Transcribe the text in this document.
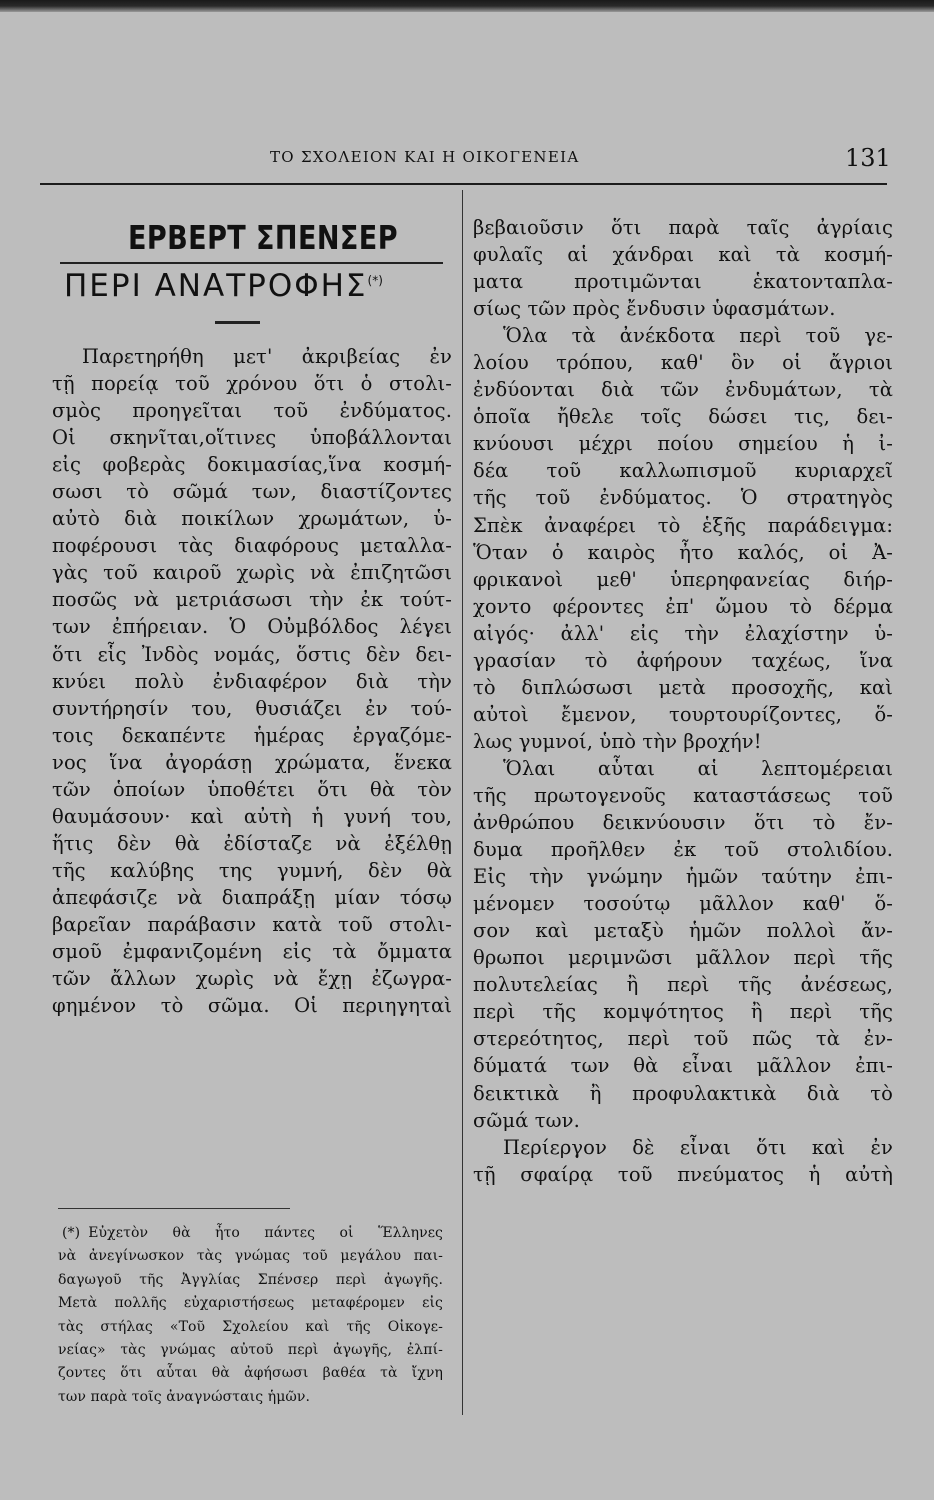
ΤΟ ΣΧΟΛΕΙΟΝ ΚΑΙ Η ΟΙΚΟΓΕΝΕΙΑ	131
ΕΡΒΕΡΤ ΣΠΕΝΣΕΡ
ΠΕΡΙ ΑΝΑΤΡΟΦΗΣ(*)
Παρετηρήθη μετ' ἀκριβείας ἐν
τῇ πορείᾳ τοῦ χρόνου ὅτι ὁ στολι-
σμὸς προηγεῖται τοῦ ἐνδύματος.
Οἱ σκηνῖται,οἵτινες ὑποβάλλονται
εἰς φοβερὰς δοκιμασίας,ἵνα κοσμή-
σωσι τὸ σῶμά των, διαστίζοντες
αὐτὸ διὰ ποικίλων χρωμάτων, ὑ-
ποφέρουσι τὰς διαφόρους μεταλλα-
γὰς τοῦ καιροῦ χωρὶς νὰ ἐπιζητῶσι
ποσῶς νὰ μετριάσωσι τὴν ἐκ τούτ-
των ἐπήρειαν. Ὁ Οὐμβόλδος λέγει
ὅτι εἷς Ἰνδὸς νομάς, ὅστις δὲν δει-
κνύει πολὺ ἐνδιαφέρον διὰ τὴν
συντήρησίν του, θυσιάζει ἐν τού-
τοις δεκαπέντε ἡμέρας ἐργαζόμε-
νος ἵνα ἀγοράσῃ χρώματα, ἕνεκα
τῶν ὁποίων ὑποθέτει ὅτι θὰ τὸν
θαυμάσουν· καὶ αὐτὴ ἡ γυνή του,
ἥτις δὲν θὰ ἐδίσταζε νὰ ἐξέλθῃ
τῆς καλύβης της γυμνή, δὲν θὰ
ἀπεφάσιζε νὰ διαπράξῃ μίαν τόσῳ
βαρεῖαν παράβασιν κατὰ τοῦ στολι-
σμοῦ ἐμφανιζομένη εἰς τὰ ὄμματα
τῶν ἄλλων χωρὶς νὰ ἔχῃ ἐζωγρα-
φημένον τὸ σῶμα. Οἱ περιηγηταὶ
(*) Εὐχετὸν θὰ ἦτο πάντες οἱ Ἕλληνες
νὰ ἀνεγίνωσκον τὰς γνώμας τοῦ μεγάλου παι-
δαγωγοῦ τῆς Ἀγγλίας Σπένσερ περὶ ἀγωγῆς.
Μετὰ πολλῆς εὐχαριστήσεως μεταφέρομεν εἰς
τὰς στήλας «Τοῦ Σχολείου καὶ τῆς Οἰκογε-
νείας» τὰς γνώμας αὐτοῦ περὶ ἀγωγῆς, ἐλπί-
ζοντες ὅτι αὗται θὰ ἀφήσωσι βαθέα τὰ ἴχνη
των παρὰ τοῖς ἀναγνώσταις ἡμῶν.
βεβαιοῦσιν ὅτι παρὰ ταῖς ἀγρίαις
φυλαῖς αἱ χάνδραι καὶ τὰ κοσμή-
ματα προτιμῶνται ἑκατονταπλα-
σίως τῶν πρὸς ἔνδυσιν ὑφασμάτων.
Ὅλα τὰ ἀνέκδοτα περὶ τοῦ γε-
λοίου τρόπου, καθ' ὃν οἱ ἄγριοι
ἐνδύονται διὰ τῶν ἐνδυμάτων, τὰ
ὁποῖα ἤθελε τοῖς δώσει τις, δει-
κνύουσι μέχρι ποίου σημείου ἡ ἰ-
δέα τοῦ καλλωπισμοῦ κυριαρχεῖ
τῆς τοῦ ἐνδύματος. Ὁ στρατηγὸς
Σπὲκ ἀναφέρει τὸ ἑξῆς παράδειγμα:
Ὅταν ὁ καιρὸς ἦτο καλός, οἱ Ἀ-
φρικανοὶ μεθ' ὑπερηφανείας διήρ-
χοντο φέροντες ἐπ' ὤμου τὸ δέρμα
αἰγός· ἀλλ' εἰς τὴν ἐλαχίστην ὑ-
γρασίαν τὸ ἀφήρουν ταχέως, ἵνα
τὸ διπλώσωσι μετὰ προσοχῆς, καὶ
αὐτοὶ ἔμενον, τουρτουρίζοντες, ὅ-
λως γυμνοί, ὑπὸ τὴν βροχήν!
Ὅλαι αὗται αἱ λεπτομέρειαι
τῆς πρωτογενοῦς καταστάσεως τοῦ
ἀνθρώπου δεικνύουσιν ὅτι τὸ ἔν-
δυμα προῆλθεν ἐκ τοῦ στολιδίου.
Εἰς τὴν γνώμην ἡμῶν ταύτην ἐπι-
μένομεν τοσούτῳ μᾶλλον καθ' ὅ-
σον καὶ μεταξὺ ἡμῶν πολλοὶ ἄν-
θρωποι μεριμνῶσι μᾶλλον περὶ τῆς
πολυτελείας ἢ περὶ τῆς ἀνέσεως,
περὶ τῆς κομψότητος ἢ περὶ τῆς
στερεότητος, περὶ τοῦ πῶς τὰ ἐν-
δύματά των θὰ εἶναι μᾶλλον ἐπι-
δεικτικὰ ἢ προφυλακτικὰ διὰ τὸ
σῶμά των.
Περίεργον δὲ εἶναι ὅτι καὶ ἐν
τῇ σφαίρᾳ τοῦ πνεύματος ἡ αὐτὴ
